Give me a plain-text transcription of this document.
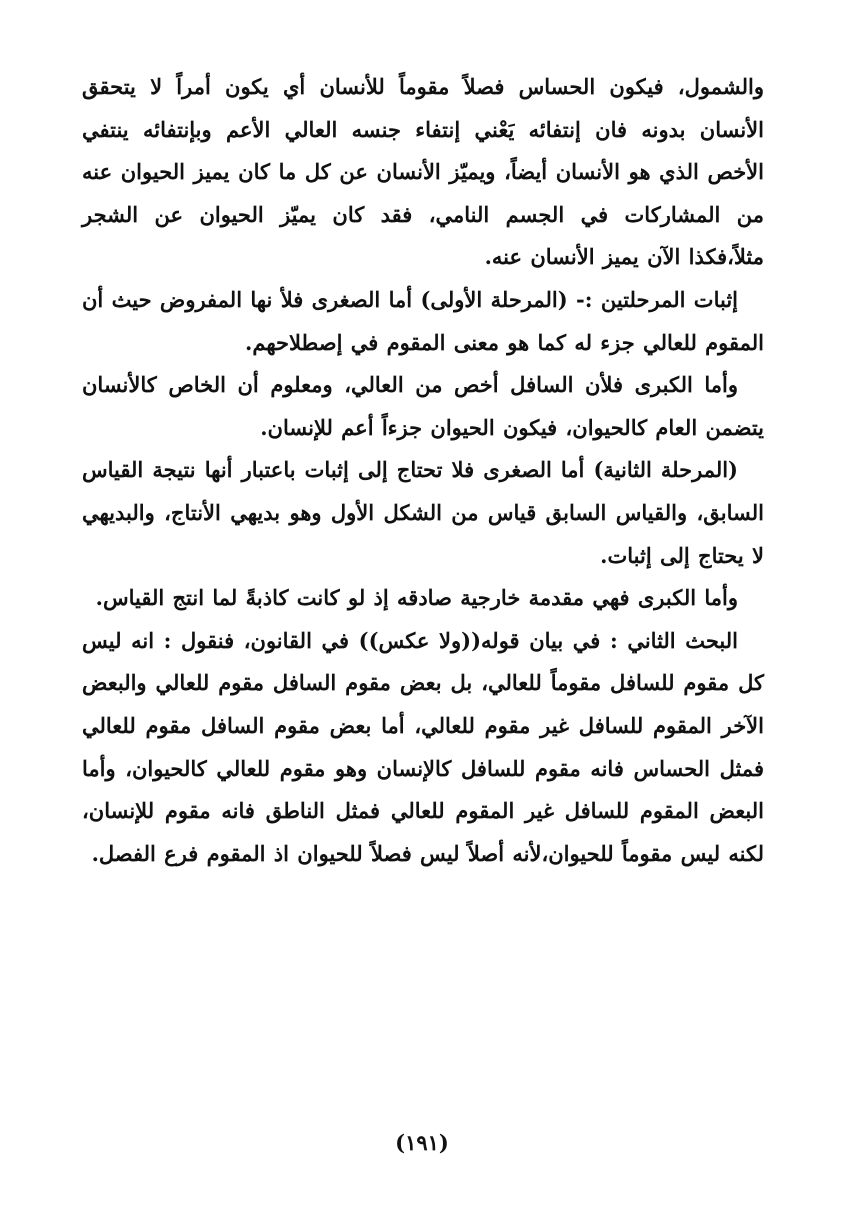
والشمول، فيكون الحساس فصلاً مقوماً للأنسان أي يكون أمراً لا يتحقق الأنسان بدونه فان إنتفائه يَعْني إنتفاء جنسه العالي الأعم وبإنتفائه ينتفي الأخص الذي هو الأنسان أيضاً، ويميّز الأنسان عن كل ما كان يميز الحيوان عنه من المشاركات في الجسم النامي، فقد كان يميّز الحيوان عن الشجر مثلاً،فكذا الآن يميز الأنسان عنه.

إثبات المرحلتين :- (المرحلة الأولى) أما الصغرى فلأ نها المفروض حيث أن المقوم للعالي جزء له كما هو معنى المقوم في إصطلاحهم.

وأما الكبرى فلأن السافل أخص من العالي، ومعلوم أن الخاص كالأنسان يتضمن العام كالحيوان، فيكون الحيوان جزءاً أعم للإنسان.

(المرحلة الثانية) أما الصغرى فلا تحتاج إلى إثبات باعتبار أنها نتيجة القياس السابق، والقياس السابق قياس من الشكل الأول وهو بديهي الأنتاج، والبديهي لا يحتاج إلى إثبات.

وأما الكبرى فهي مقدمة خارجية صادقه إذ لو كانت كاذبةً لما انتج القياس.

البحث الثاني : في بيان قوله((ولا عكس)) في القانون، فنقول : انه ليس كل مقوم للسافل مقوماً للعالي، بل بعض مقوم السافل مقوم للعالي والبعض الآخر المقوم للسافل غير مقوم للعالي، أما بعض مقوم السافل مقوم للعالي فمثل الحساس فانه مقوم للسافل كالإنسان وهو مقوم للعالي كالحيوان، وأما البعض المقوم للسافل غير المقوم للعالي فمثل الناطق فانه مقوم للإنسان، لكنه ليس مقوماً للحيوان،لأنه أصلاً ليس فصلاً للحيوان اذ المقوم فرع الفصل.

(١٩١)
